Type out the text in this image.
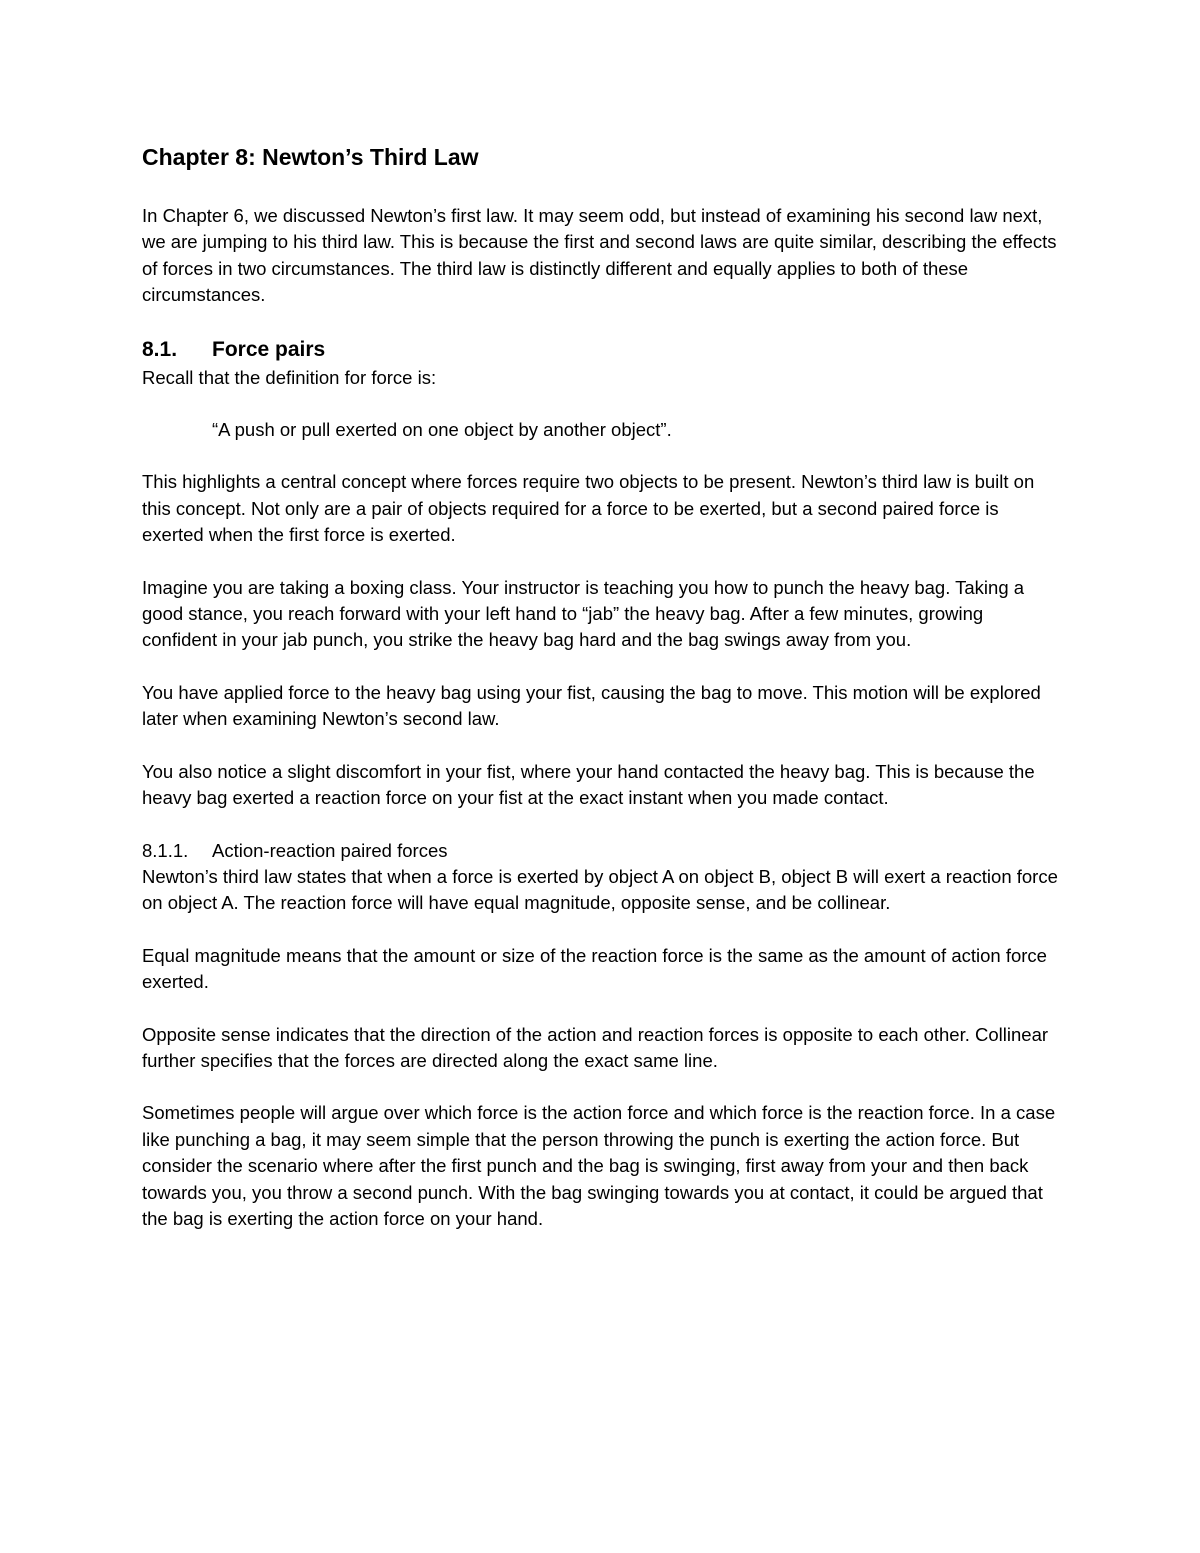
Chapter 8: Newton’s Third Law

In Chapter 6, we discussed Newton’s first law. It may seem odd, but instead of examining his second law next, we are jumping to his third law. This is because the first and second laws are quite similar, describing the effects of forces in two circumstances. The third law is distinctly different and equally applies to both of these circumstances.

8.1.	Force pairs

Recall that the definition for force is:

“A push or pull exerted on one object by another object”.

This highlights a central concept where forces require two objects to be present. Newton’s third law is built on this concept. Not only are a pair of objects required for a force to be exerted, but a second paired force is exerted when the first force is exerted.

Imagine you are taking a boxing class. Your instructor is teaching you how to punch the heavy bag. Taking a good stance, you reach forward with your left hand to “jab” the heavy bag. After a few minutes, growing confident in your jab punch, you strike the heavy bag hard and the bag swings away from you.

You have applied force to the heavy bag using your fist, causing the bag to move. This motion will be explored later when examining Newton’s second law.

You also notice a slight discomfort in your fist, where your hand contacted the heavy bag. This is because the heavy bag exerted a reaction force on your fist at the exact instant when you made contact.

8.1.1.	Action-reaction paired forces

Newton’s third law states that when a force is exerted by object A on object B, object B will exert a reaction force on object A. The reaction force will have equal magnitude, opposite sense, and be collinear.

Equal magnitude means that the amount or size of the reaction force is the same as the amount of action force exerted.

Opposite sense indicates that the direction of the action and reaction forces is opposite to each other. Collinear further specifies that the forces are directed along the exact same line.

Sometimes people will argue over which force is the action force and which force is the reaction force. In a case like punching a bag, it may seem simple that the person throwing the punch is exerting the action force. But consider the scenario where after the first punch and the bag is swinging, first away from your and then back towards you, you throw a second punch. With the bag swinging towards you at contact, it could be argued that the bag is exerting the action force on your hand.
